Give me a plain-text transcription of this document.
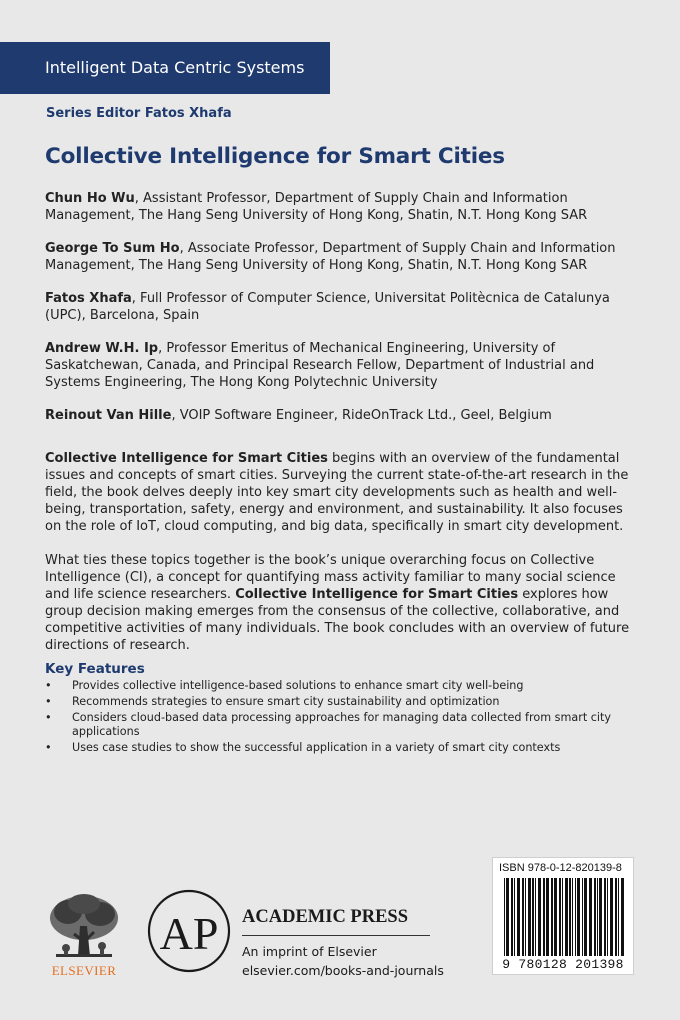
Intelligent Data Centric Systems
Series Editor Fatos Xhafa
Collective Intelligence for Smart Cities
Chun Ho Wu, Assistant Professor, Department of Supply Chain and Information Management, The Hang Seng University of Hong Kong, Shatin, N.T. Hong Kong SAR
George To Sum Ho, Associate Professor, Department of Supply Chain and Information Management, The Hang Seng University of Hong Kong, Shatin, N.T. Hong Kong SAR
Fatos Xhafa, Full Professor of Computer Science, Universitat Politècnica de Catalunya (UPC), Barcelona, Spain
Andrew W.H. Ip, Professor Emeritus of Mechanical Engineering, University of Saskatchewan, Canada, and Principal Research Fellow, Department of Industrial and Systems Engineering, The Hong Kong Polytechnic University
Reinout Van Hille, VOIP Software Engineer, RideOnTrack Ltd., Geel, Belgium

Collective Intelligence for Smart Cities begins with an overview of the fundamental issues and concepts of smart cities. Surveying the current state-of-the-art research in the field, the book delves deeply into key smart city developments such as health and well-being, transportation, safety, energy and environment, and sustainability. It also focuses on the role of IoT, cloud computing, and big data, specifically in smart city development.

What ties these topics together is the book’s unique overarching focus on Collective Intelligence (CI), a concept for quantifying mass activity familiar to many social science and life science researchers. Collective Intelligence for Smart Cities explores how group decision making emerges from the consensus of the collective, collaborative, and competitive activities of many individuals. The book concludes with an overview of future directions of research.

Key Features
• Provides collective intelligence-based solutions to enhance smart city well-being
• Recommends strategies to ensure smart city sustainability and optimization
• Considers cloud-based data processing approaches for managing data collected from smart city applications
• Uses case studies to show the successful application in a variety of smart city contexts
ISBN 978-0-12-820139-8
9 780128 201398
ELSEVIER
AP ACADEMIC PRESS
An imprint of Elsevier
elsevier.com/books-and-journals
